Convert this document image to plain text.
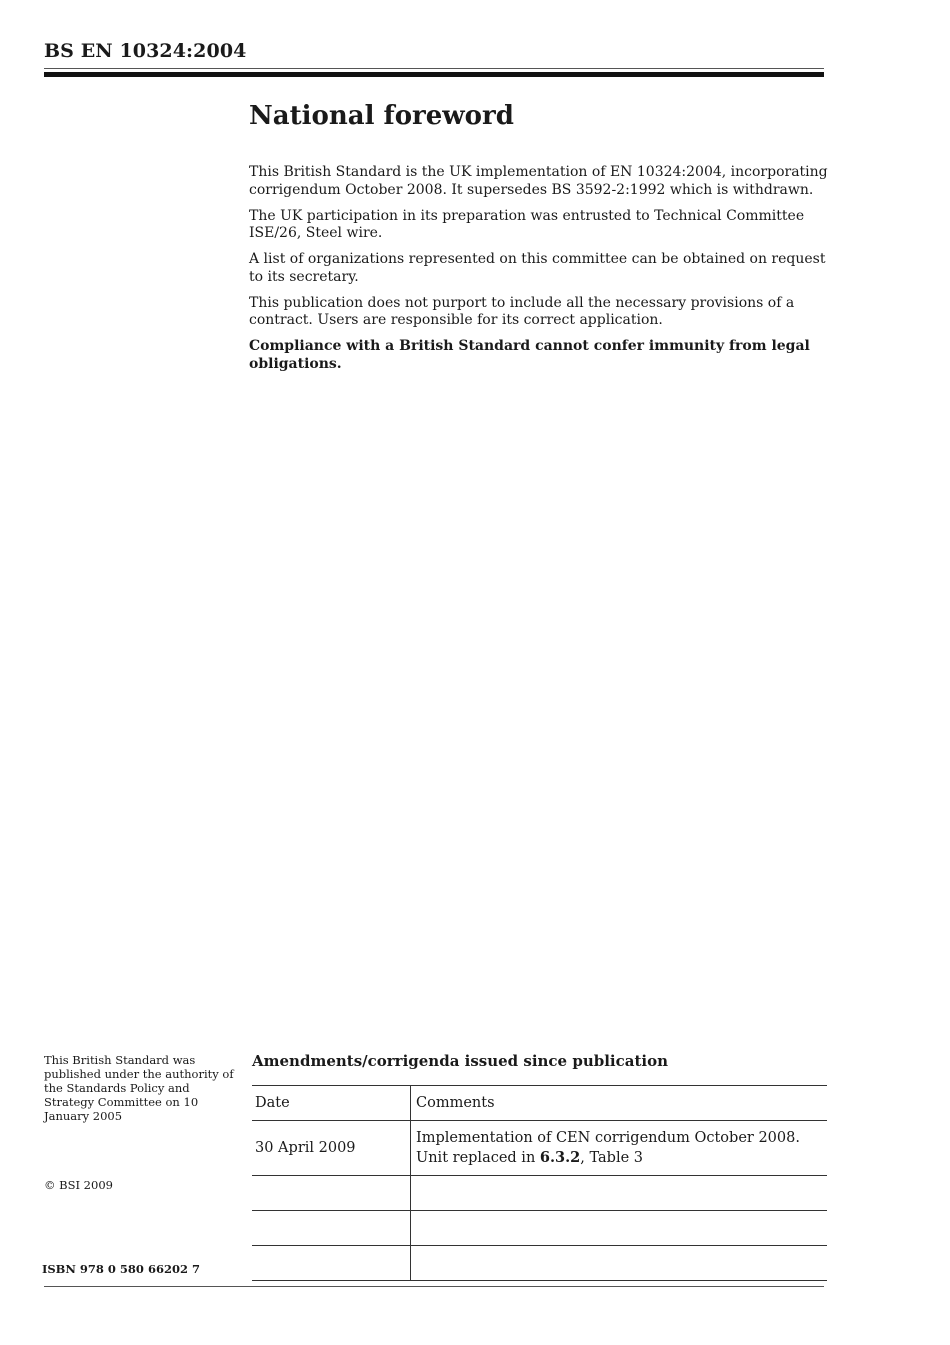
BS EN 10324:2004
National foreword

This British Standard is the UK implementation of EN 10324:2004, incorporating corrigendum October 2008. It supersedes BS 3592-2:1992 which is withdrawn.

The UK participation in its preparation was entrusted to Technical Committee ISE/26, Steel wire.

A list of organizations represented on this committee can be obtained on request to its secretary.

This publication does not purport to include all the necessary provisions of a contract. Users are responsible for its correct application.

Compliance with a British Standard cannot confer immunity from legal obligations.

This British Standard was published under the authority of the Standards Policy and Strategy Committee on 10 January 2005
© BSI 2009
ISBN 978 0 580 66202 7
Amendments/corrigenda issued since publication
Date	Comments
30 April 2009	Implementation of CEN corrigendum October 2008.
Unit replaced in 6.3.2, Table 3
